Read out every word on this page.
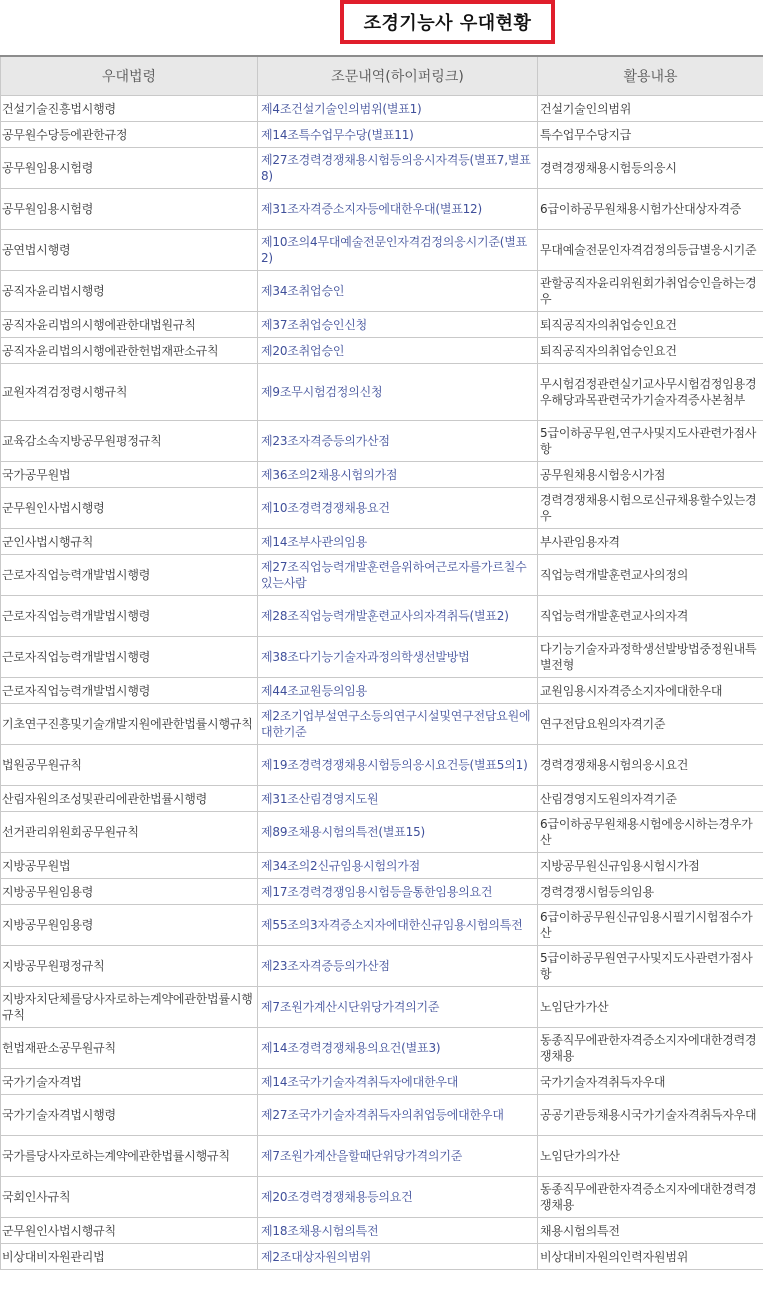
조경기능사 우대현황
우대법령	조문내역(하이퍼링크)	활용내용
건설기술진흥법시행령	제4조건설기술인의범위(별표1)	건설기술인의범위
공무원수당등에관한규정	제14조특수업무수당(별표11)	특수업무수당지급
공무원임용시험령	제27조경력경쟁채용시험등의응시자격등(별표7,별표8)	경력경쟁채용시험등의응시
공무원임용시험령	제31조자격증소지자등에대한우대(별표12)	6급이하공무원채용시험가산대상자격증
공연법시행령	제10조의4무대예술전문인자격검정의응시기준(별표2)	무대예술전문인자격검정의등급별응시기준
공직자윤리법시행령	제34조취업승인	관할공직자윤리위원회가취업승인을하는경우
공직자윤리법의시행에관한대법원규칙	제37조취업승인신청	퇴직공직자의취업승인요건
공직자윤리법의시행에관한헌법재판소규칙	제20조취업승인	퇴직공직자의취업승인요건
교원자격검정령시행규칙	제9조무시험검정의신청	무시험검정관련실기교사무시험검정임용경우해당과목관련국가기술자격증사본첨부
교육감소속지방공무원평정규칙	제23조자격증등의가산점	5급이하공무원,연구사및지도사관련가점사항
국가공무원법	제36조의2채용시험의가점	공무원채용시험응시가점
군무원인사법시행령	제10조경력경쟁채용요건	경력경쟁채용시험으로신규채용할수있는경우
군인사법시행규칙	제14조부사관의임용	부사관임용자격
근로자직업능력개발법시행령	제27조직업능력개발훈련을위하여근로자를가르칠수있는사람	직업능력개발훈련교사의정의
근로자직업능력개발법시행령	제28조직업능력개발훈련교사의자격취득(별표2)	직업능력개발훈련교사의자격
근로자직업능력개발법시행령	제38조다기능기술자과정의학생선발방법	다기능기술자과정학생선발방법중정원내특별전형
근로자직업능력개발법시행령	제44조교원등의임용	교원임용시자격증소지자에대한우대
기초연구진흥및기술개발지원에관한법률시행규칙	제2조기업부설연구소등의연구시설및연구전담요원에대한기준	연구전담요원의자격기준
법원공무원규칙	제19조경력경쟁채용시험등의응시요건등(별표5의1)	경력경쟁채용시험의응시요건
산림자원의조성및관리에관한법률시행령	제31조산림경영지도원	산림경영지도원의자격기준
선거관리위원회공무원규칙	제89조채용시험의특전(별표15)	6급이하공무원채용시험에응시하는경우가산
지방공무원법	제34조의2신규임용시험의가점	지방공무원신규임용시험시가점
지방공무원임용령	제17조경력경쟁임용시험등을통한임용의요건	경력경쟁시험등의임용
지방공무원임용령	제55조의3자격증소지자에대한신규임용시험의특전	6급이하공무원신규임용시필기시험점수가산
지방공무원평정규칙	제23조자격증등의가산점	5급이하공무원연구사및지도사관련가점사항
지방자치단체를당사자로하는계약에관한법률시행규칙	제7조원가계산시단위당가격의기준	노임단가가산
헌법재판소공무원규칙	제14조경력경쟁채용의요건(별표3)	동종직무에관한자격증소지자에대한경력경쟁채용
국가기술자격법	제14조국가기술자격취득자에대한우대	국가기술자격취득자우대
국가기술자격법시행령	제27조국가기술자격취득자의취업등에대한우대	공공기관등채용시국가기술자격취득자우대
국가를당사자로하는계약에관한법률시행규칙	제7조원가계산을할때단위당가격의기준	노임단가의가산
국회인사규칙	제20조경력경쟁채용등의요건	동종직무에관한자격증소지자에대한경력경쟁채용
군무원인사법시행규칙	제18조채용시험의특전	채용시험의특전
비상대비자원관리법	제2조대상자원의범위	비상대비자원의인력자원범위
